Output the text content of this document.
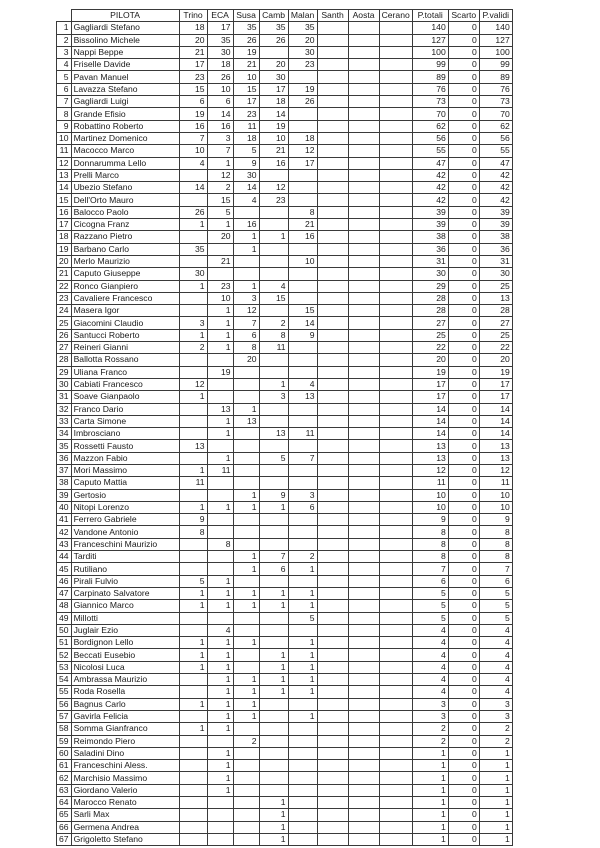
	PILOTA	Trino	ECA	Susa	Camb	Malan	Santh	Aosta	Cerano	P.totali	Scarto	P.validi
1	Gagliardi Stefano	18	17	35	35	35				140	0	140
2	Bissolino Michele	20	35	26	26	20				127	0	127
3	Nappi Beppe	21	30	19		30				100	0	100
4	Friselle Davide	17	18	21	20	23				99	0	99
5	Pavan Manuel	23	26	10	30					89	0	89
6	Lavazza Stefano	15	10	15	17	19				76	0	76
7	Gagliardi Luigi	6	6	17	18	26				73	0	73
8	Grande Efisio	19	14	23	14					70	0	70
9	Robattino Roberto	16	16	11	19					62	0	62
10	Martinez Domenico	7	3	18	10	18				56	0	56
11	Macocco Marco	10	7	5	21	12				55	0	55
12	Donnarumma Lello	4	1	9	16	17				47	0	47
13	Prelli Marco		12	30						42	0	42
14	Ubezio Stefano	14	2	14	12					42	0	42
15	Dell'Orto Mauro		15	4	23					42	0	42
16	Balocco Paolo	26	5			8				39	0	39
17	Cicogna Franz	1	1	16		21				39	0	39
18	Razzano Pietro		20	1	1	16				38	0	38
19	Barbano Carlo	35		1						36	0	36
20	Merlo Maurizio		21			10				31	0	31
21	Caputo Giuseppe	30								30	0	30
22	Ronco Gianpiero	1	23	1	4					29	0	25
23	Cavaliere Francesco		10	3	15					28	0	13
24	Masera Igor		1	12		15				28	0	28
25	Giacomini Claudio	3	1	7	2	14				27	0	27
26	Santucci Roberto	1	1	6	8	9				25	0	25
27	Reineri Gianni	2	1	8	11					22	0	22
28	Ballotta Rossano			20						20	0	20
29	Uliana Franco		19							19	0	19
30	Cabiati Francesco	12			1	4				17	0	17
31	Soave Gianpaolo	1			3	13				17	0	17
32	Franco Dario		13	1						14	0	14
33	Carta Simone		1	13						14	0	14
34	Imbrosciano		1		13	11				14	0	14
35	Rossetti Fausto	13								13	0	13
36	Mazzon Fabio		1		5	7				13	0	13
37	Mori Massimo	1	11							12	0	12
38	Caputo Mattia	11								11	0	11
39	Gertosio			1	9	3				10	0	10
40	Nitopi Lorenzo	1	1	1	1	6				10	0	10
41	Ferrero Gabriele	9								9	0	9
42	Vandone Antonio	8								8	0	8
43	Franceschini Maurizio		8							8	0	8
44	Tarditi			1	7	2				8	0	8
45	Rutiliano			1	6	1				7	0	7
46	Pirali Fulvio	5	1							6	0	6
47	Carpinato Salvatore	1	1	1	1	1				5	0	5
48	Giannico Marco	1	1	1	1	1				5	0	5
49	Millotti					5				5	0	5
50	Juglair Ezio		4							4	0	4
51	Bordignon Lello	1	1	1		1				4	0	4
52	Beccati Eusebio	1	1		1	1				4	0	4
53	Nicolosi Luca	1	1		1	1				4	0	4
54	Ambrassa Maurizio		1	1	1	1				4	0	4
55	Roda Rosella		1	1	1	1				4	0	4
56	Bagnus Carlo	1	1	1						3	0	3
57	Gavirla Felicia		1	1		1				3	0	3
58	Somma Gianfranco	1	1							2	0	2
59	Reimondo Piero			2						2	0	2
60	Saladini Dino		1							1	0	1
61	Franceschini Aless.		1							1	0	1
62	Marchisio Massimo		1							1	0	1
63	Giordano Valerio		1							1	0	1
64	Marocco Renato				1					1	0	1
65	Sarli Max				1					1	0	1
66	Germena Andrea				1					1	0	1
67	Grigoletto Stefano				1					1	0	1
